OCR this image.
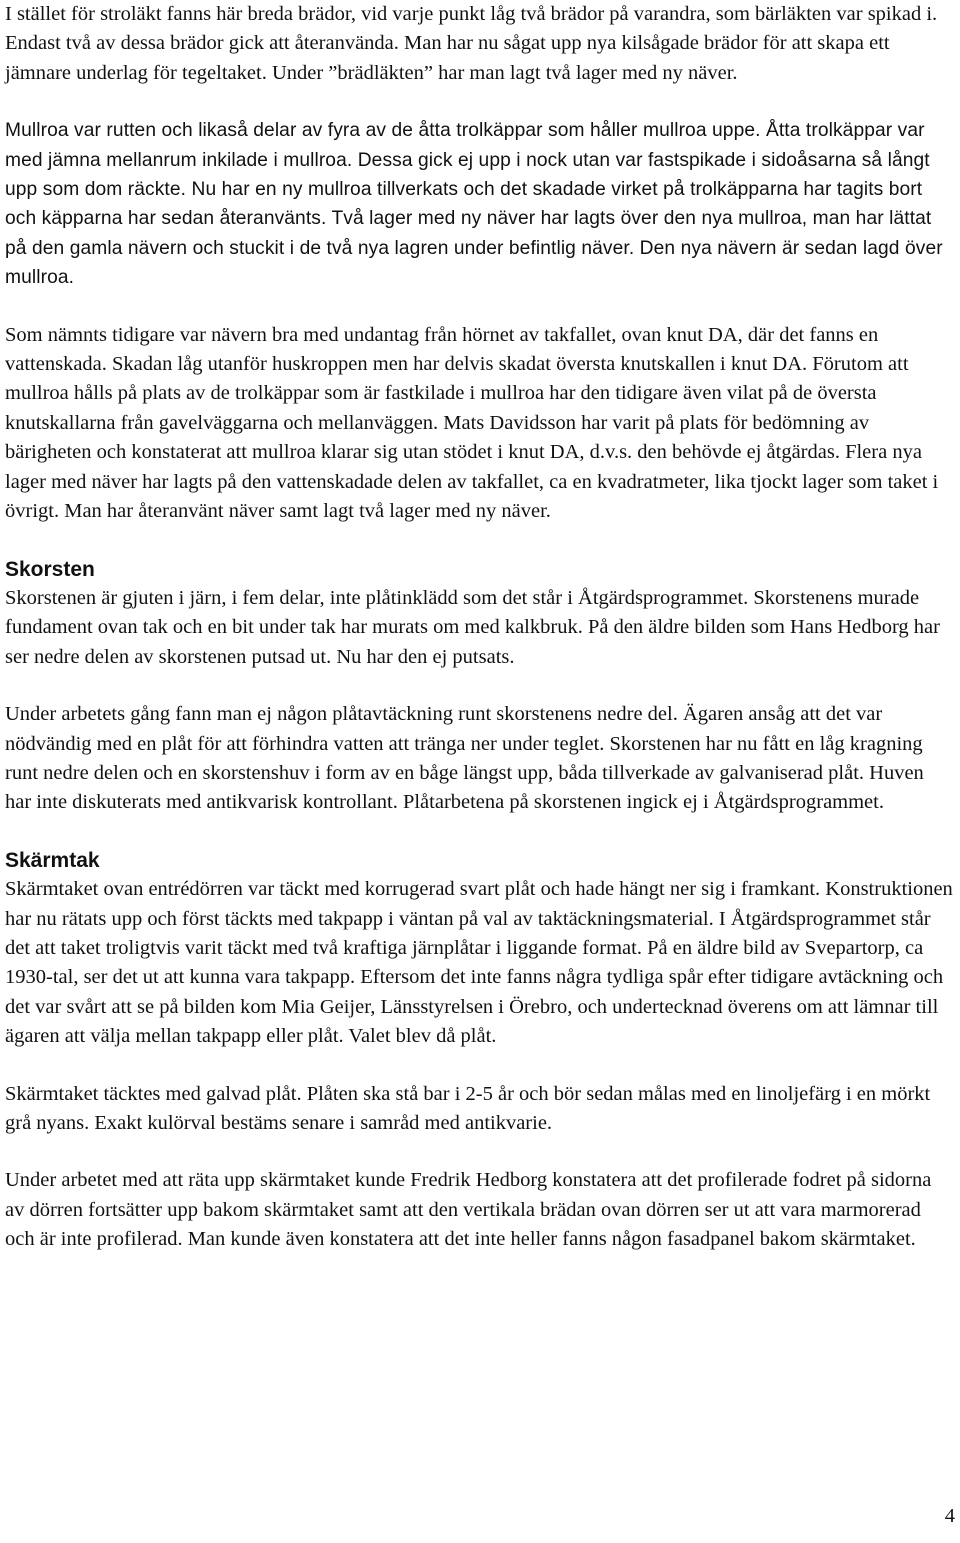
I stället för stroläkt fanns här breda brädor, vid varje punkt låg två brädor på varandra, som bärläkten var spikad i. Endast två av dessa brädor gick att återanvända. Man har nu sågat upp nya kilsågade brädor för att skapa ett jämnare underlag för tegeltaket. Under ”brädläkten” har man lagt två lager med ny näver.

Mullroa var rutten och likaså delar av fyra av de åtta trolkäppar som håller mullroa uppe. Åtta trolkäppar var med jämna mellanrum inkilade i mullroa. Dessa gick ej upp i nock utan var fastspikade i sidoåsarna så långt upp som dom räckte. Nu har en ny mullroa tillverkats och det skadade virket på trolkäpparna har tagits bort och käpparna har sedan återanvänts. Två lager med ny näver har lagts över den nya mullroa, man har lättat på den gamla nävern och stuckit i de två nya lagren under befintlig näver. Den nya nävern är sedan lagd över mullroa.

Som nämnts tidigare var nävern bra med undantag från hörnet av takfallet, ovan knut DA, där det fanns en vattenskada. Skadan låg utanför huskroppen men har delvis skadat översta knutskallen i knut DA. Förutom att mullroa hålls på plats av de trolkäppar som är fastkilade i mullroa har den tidigare även vilat på de översta knutskallarna från gavelväggarna och mellanväggen. Mats Davidsson har varit på plats för bedömning av bärigheten och konstaterat att mullroa klarar sig utan stödet i knut DA, d.v.s. den behövde ej åtgärdas. Flera nya lager med näver har lagts på den vattenskadade delen av takfallet, ca en kvadratmeter, lika tjockt lager som taket i övrigt. Man har återanvänt näver samt lagt två lager med ny näver.

Skorsten

Skorstenen är gjuten i järn, i fem delar, inte plåtinklädd som det står i Åtgärdsprogrammet. Skorstenens murade fundament ovan tak och en bit under tak har murats om med kalkbruk. På den äldre bilden som Hans Hedborg har ser nedre delen av skorstenen putsad ut. Nu har den ej putsats.

Under arbetets gång fann man ej någon plåtavtäckning runt skorstenens nedre del. Ägaren ansåg att det var nödvändig med en plåt för att förhindra vatten att tränga ner under teglet. Skorstenen har nu fått en låg kragning runt nedre delen och en skorstenshuv i form av en båge längst upp, båda tillverkade av galvaniserad plåt. Huven har inte diskuterats med antikvarisk kontrollant. Plåtarbetena på skorstenen ingick ej i Åtgärdsprogrammet.

Skärmtak

Skärmtaket ovan entrédörren var täckt med korrugerad svart plåt och hade hängt ner sig i framkant. Konstruktionen har nu rätats upp och först täckts med takpapp i väntan på val av taktäckningsmaterial. I Åtgärdsprogrammet står det att taket troligtvis varit täckt med två kraftiga järnplåtar i liggande format. På en äldre bild av Svepartorp, ca 1930-tal, ser det ut att kunna vara takpapp. Eftersom det inte fanns några tydliga spår efter tidigare avtäckning och det var svårt att se på bilden kom Mia Geijer, Länsstyrelsen i Örebro, och undertecknad överens om att lämnar till ägaren att välja mellan takpapp eller plåt. Valet blev då plåt.

Skärmtaket täcktes med galvad plåt. Plåten ska stå bar i 2-5 år och bör sedan målas med en linoljefärg i en mörkt grå nyans. Exakt kulörval bestäms senare i samråd med antikvarie.

Under arbetet med att räta upp skärmtaket kunde Fredrik Hedborg konstatera att det profilerade fodret på sidorna av dörren fortsätter upp bakom skärmtaket samt att den vertikala brädan ovan dörren ser ut att vara marmorerad och är inte profilerad. Man kunde även konstatera att det inte heller fanns någon fasadpanel bakom skärmtaket.

4
